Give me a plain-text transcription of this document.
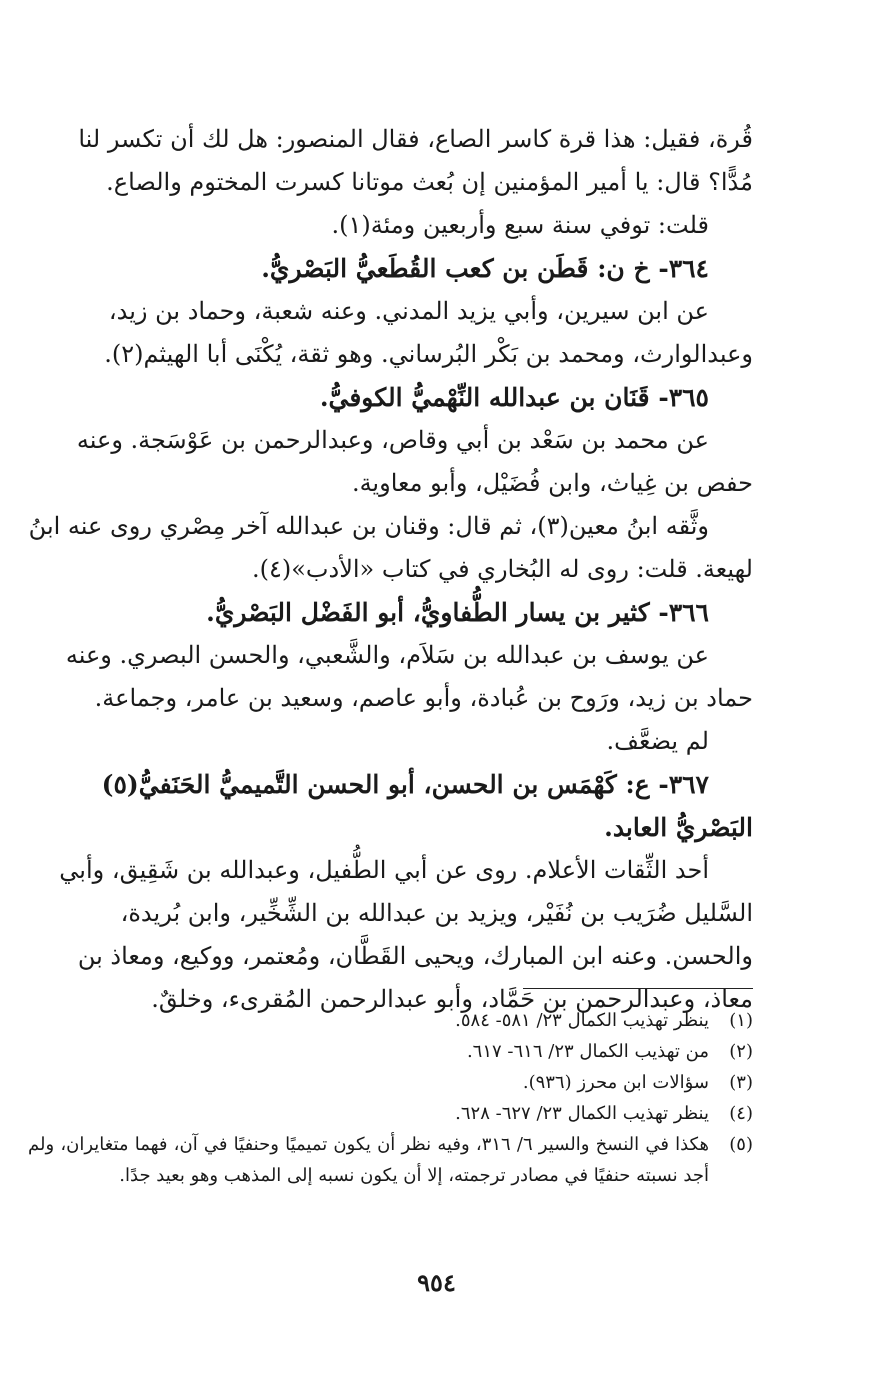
قُرة، فقيل: هذا قرة كاسر الصاع، فقال المنصور: هل لك أن تكسر لنا

مُدًّا؟ قال: يا أمير المؤمنين إن بُعث موتانا كسرت المختوم والصاع.

قلت: توفي سنة سبع وأربعين ومئة(١).

٣٦٤- خ ن: قَطَن بن كعب القُطَعيُّ البَصْريُّ.

عن ابن سيرين، وأبي يزيد المدني. وعنه شعبة، وحماد بن زيد،

وعبدالوارث، ومحمد بن بَكْر البُرساني. وهو ثقة، يُكْنَى أبا الهيثم(٢).

٣٦٥- قَنَان بن عبدالله النِّهْميُّ الكوفيُّ.

عن محمد بن سَعْد بن أبي وقاص، وعبدالرحمن بن عَوْسَجة. وعنه

حفص بن غِياث، وابن فُضَيْل، وأبو معاوية.

وثَّقه ابنُ معين(٣)، ثم قال: وقنان بن عبدالله آخر مِصْري روى عنه ابنُ

لهيعة. قلت: روى له البُخاري في كتاب «الأدب»(٤).

٣٦٦- كثير بن يسار الطُّفاويُّ، أبو الفَضْل البَصْريُّ.

عن يوسف بن عبدالله بن سَلاَم، والشَّعبي، والحسن البصري. وعنه

حماد بن زيد، ورَوح بن عُبادة، وأبو عاصم، وسعيد بن عامر، وجماعة.

لم يضعَّف.

٣٦٧- ع: كَهْمَس بن الحسن، أبو الحسن التَّميميُّ الحَنَفيُّ(٥)

البَصْريُّ العابد.

أحد الثِّقات الأعلام. روى عن أبي الطُّفيل، وعبدالله بن شَقِيق، وأبي

السَّليل ضُرَيب بن نُفَيْر، ويزيد بن عبدالله بن الشِّخِّير، وابن بُريدة،

والحسن. وعنه ابن المبارك، ويحيى القَطَّان، ومُعتمر، ووكيع، ومعاذ بن

معاذ، وعبدالرحمن بن حَمَّاد، وأبو عبدالرحمن المُقرىء، وخلقٌ.

(١)
ينظر تهذيب الكمال ٢٣/ ٥٨١- ٥٨٤.
(٢)
من تهذيب الكمال ٢٣/ ٦١٦- ٦١٧.
(٣)
سؤالات ابن محرز (٩٣٦).
(٤)
ينظر تهذيب الكمال ٢٣/ ٦٢٧- ٦٢٨.
(٥)
هكذا في النسخ والسير ٦/ ٣١٦، وفيه نظر أن يكون تميميًا وحنفيًا في آن، فهما متغايران، ولم أجد نسبته حنفيًا في مصادر ترجمته، إلا أن يكون نسبه إلى المذهب وهو بعيد جدًا.
٩٥٤
